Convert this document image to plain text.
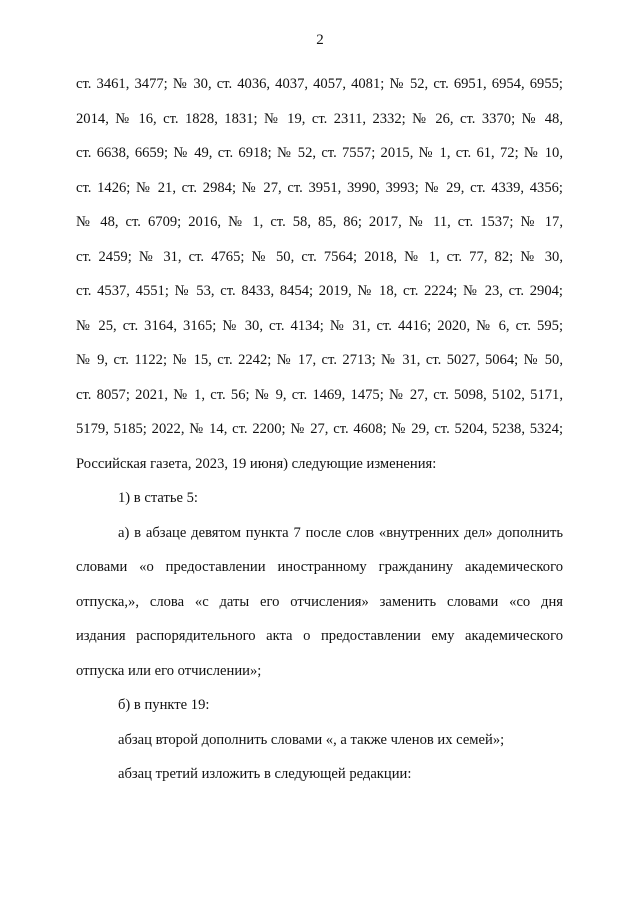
2
ст. 3461, 3477; № 30, ст. 4036, 4037, 4057, 4081; № 52, ст. 6951, 6954, 6955;
2014, № 16, ст. 1828, 1831; № 19, ст. 2311, 2332; № 26, ст. 3370; № 48,
ст. 6638, 6659; № 49, ст. 6918; № 52, ст. 7557; 2015, № 1, ст. 61, 72; № 10,
ст. 1426; № 21, ст. 2984; № 27, ст. 3951, 3990, 3993; № 29, ст. 4339, 4356;
№ 48, ст. 6709; 2016, № 1, ст. 58, 85, 86; 2017, № 11, ст. 1537; № 17,
ст. 2459; № 31, ст. 4765; № 50, ст. 7564; 2018, № 1, ст. 77, 82; № 30,
ст. 4537, 4551; № 53, ст. 8433, 8454; 2019, № 18, ст. 2224; № 23, ст. 2904;
№ 25, ст. 3164, 3165; № 30, ст. 4134; № 31, ст. 4416; 2020, № 6, ст. 595;
№ 9, ст. 1122; № 15, ст. 2242; № 17, ст. 2713; № 31, ст. 5027, 5064; № 50,
ст. 8057; 2021, № 1, ст. 56; № 9, ст. 1469, 1475; № 27, ст. 5098, 5102, 5171,
5179, 5185; 2022, № 14, ст. 2200; № 27, ст. 4608; № 29, ст. 5204, 5238, 5324;
Российская газета, 2023, 19 июня) следующие изменения:
1) в статье 5:
а) в абзаце девятом пункта 7 после слов «внутренних дел» дополнить
словами «о предоставлении иностранному гражданину академического
отпуска,», слова «с даты его отчисления» заменить словами «со дня
издания распорядительного акта о предоставлении ему академического
отпуска или его отчислении»;
б) в пункте 19:
абзац второй дополнить словами «, а также членов их семей»;
абзац третий изложить в следующей редакции:
